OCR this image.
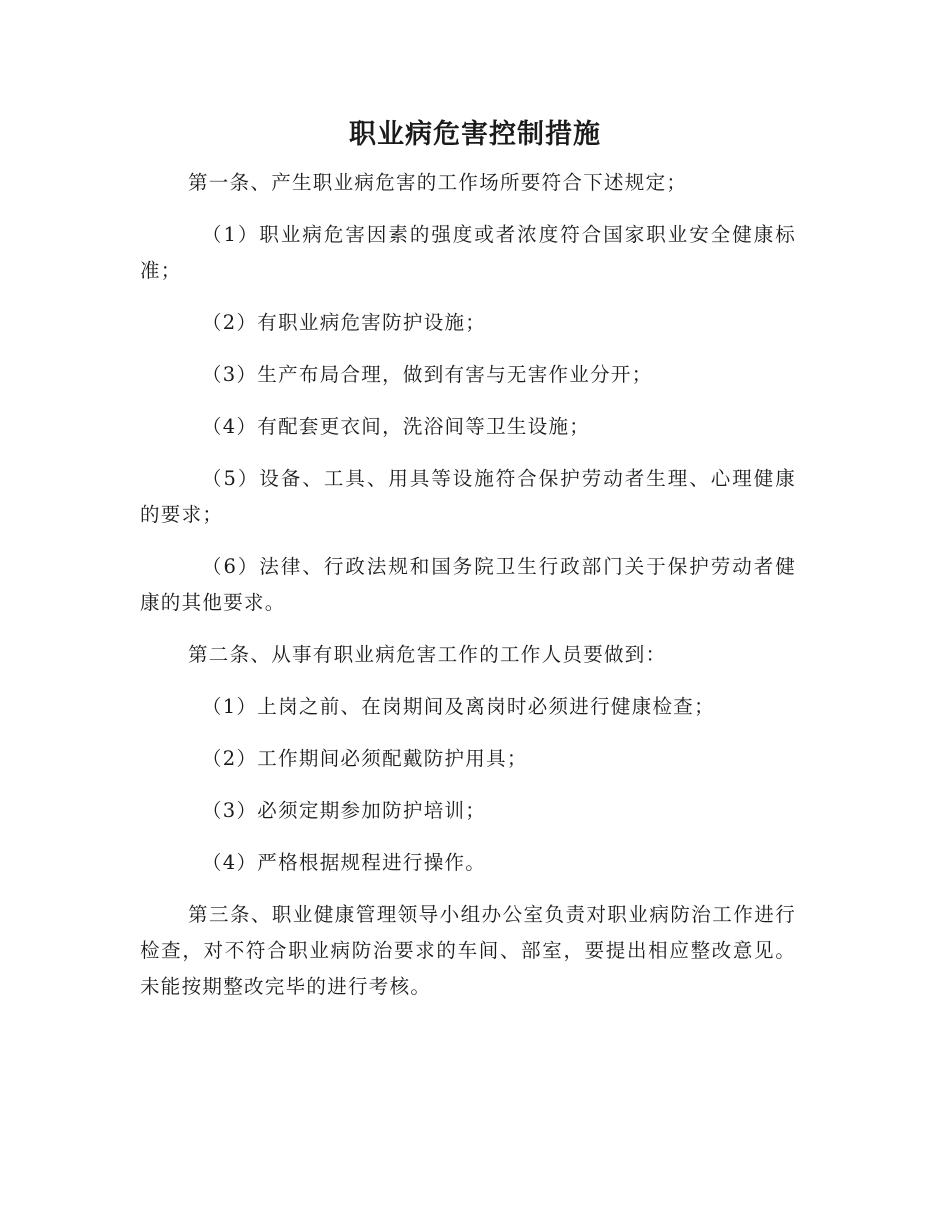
职业病危害控制措施

第一条、产生职业病危害的工作场所要符合下述规定；

（1）职业病危害因素的强度或者浓度符合国家职业安全健康标准；

（2）有职业病危害防护设施；

（3）生产布局合理，做到有害与无害作业分开；

（4）有配套更衣间，洗浴间等卫生设施；

（5）设备、工具、用具等设施符合保护劳动者生理、心理健康的要求；

（6）法律、行政法规和国务院卫生行政部门关于保护劳动者健康的其他要求。

第二条、从事有职业病危害工作的工作人员要做到：

（1）上岗之前、在岗期间及离岗时必须进行健康检查；

（2）工作期间必须配戴防护用具；

（3）必须定期参加防护培训；

（4）严格根据规程进行操作。

第三条、职业健康管理领导小组办公室负责对职业病防治工作进行检查，对不符合职业病防治要求的车间、部室，要提出相应整改意见。未能按期整改完毕的进行考核。
